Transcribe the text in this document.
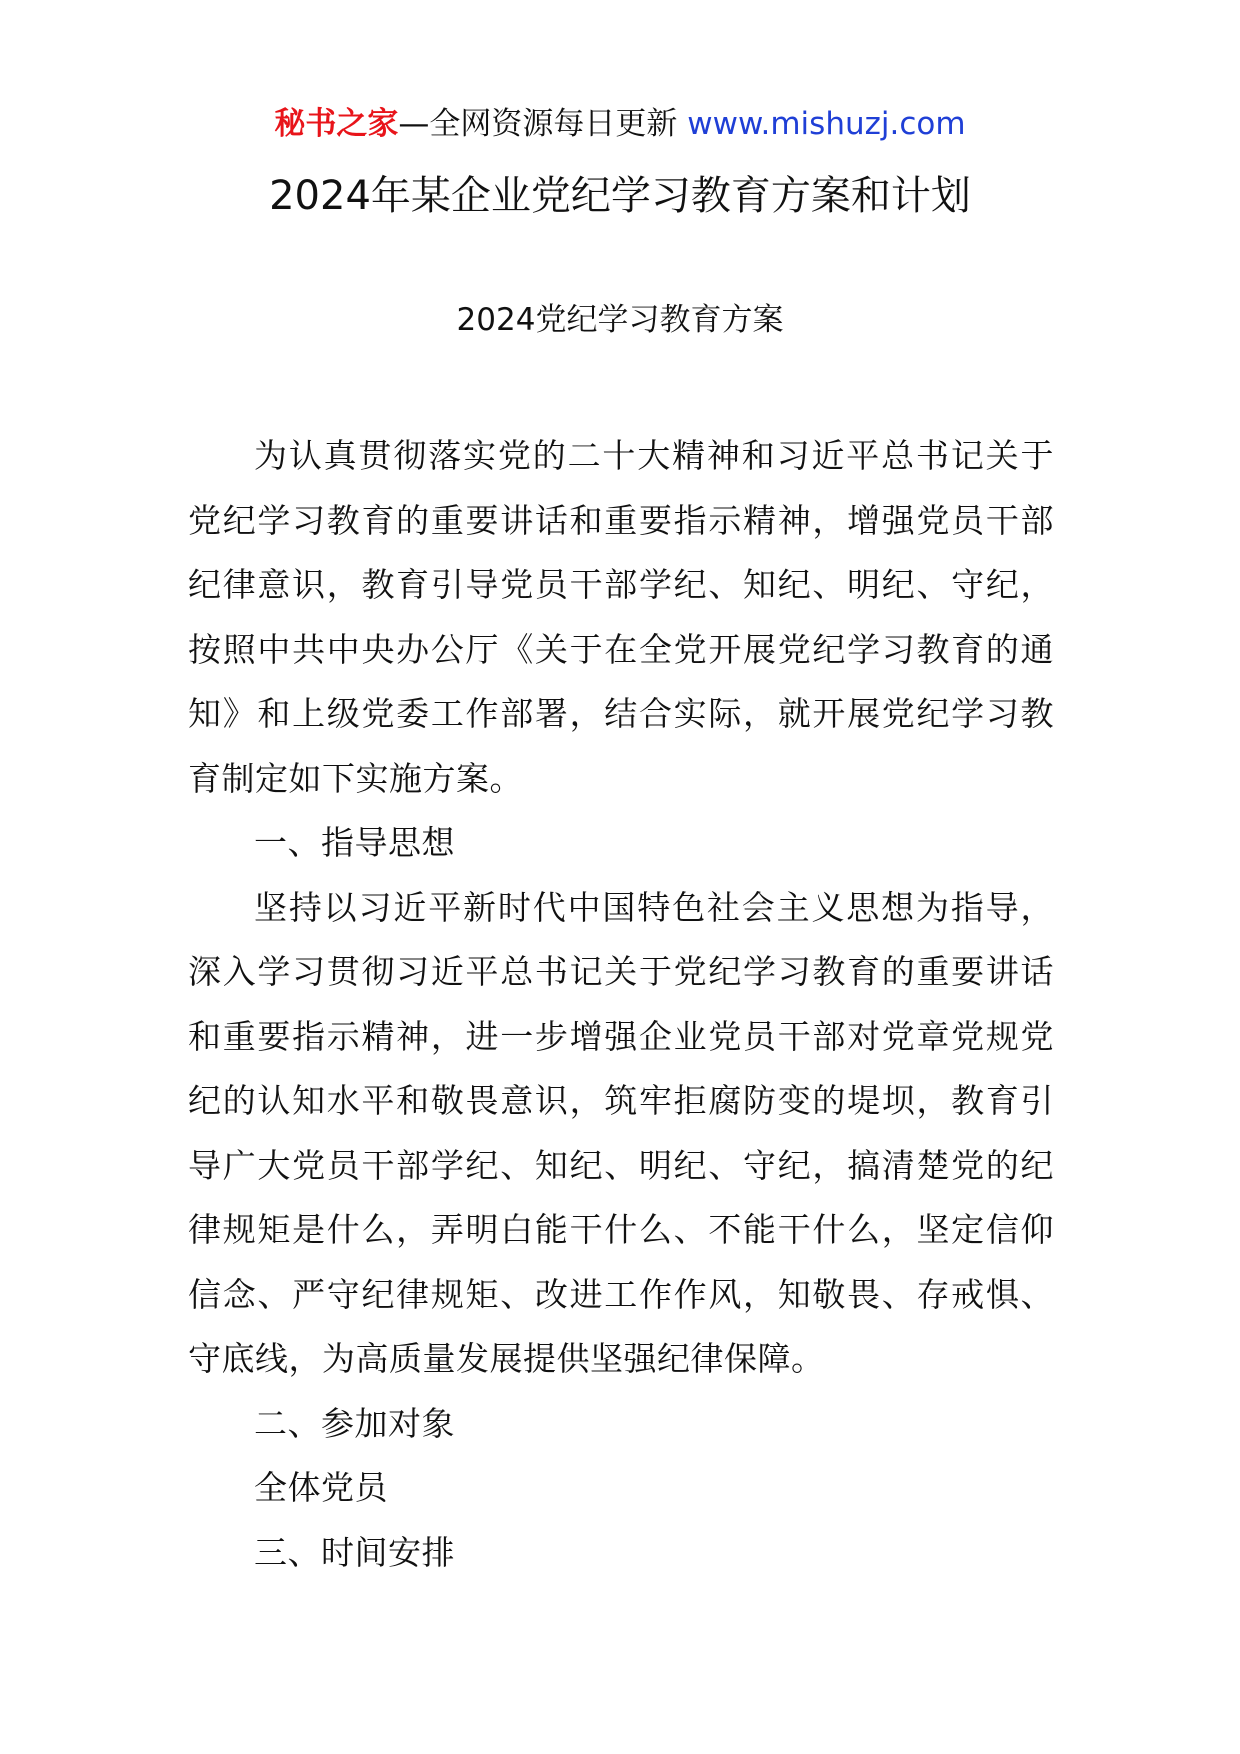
秘书之家—全网资源每日更新 www.mishuzj.com
2024年某企业党纪学习教育方案和计划
2024党纪学习教育方案

为认真贯彻落实党的二十大精神和习近平总书记关于党纪学习教育的重要讲话和重要指示精神，增强党员干部纪律意识，教育引导党员干部学纪、知纪、明纪、守纪，按照中共中央办公厅《关于在全党开展党纪学习教育的通知》和上级党委工作部署，结合实际，就开展党纪学习教育制定如下实施方案。

一、指导思想

坚持以习近平新时代中国特色社会主义思想为指导，深入学习贯彻习近平总书记关于党纪学习教育的重要讲话和重要指示精神，进一步增强企业党员干部对党章党规党纪的认知水平和敬畏意识，筑牢拒腐防变的堤坝，教育引导广大党员干部学纪、知纪、明纪、守纪，搞清楚党的纪律规矩是什么，弄明白能干什么、不能干什么，坚定信仰信念、严守纪律规矩、改进工作作风，知敬畏、存戒惧、守底线，为高质量发展提供坚强纪律保障。

二、参加对象

全体党员

三、时间安排
